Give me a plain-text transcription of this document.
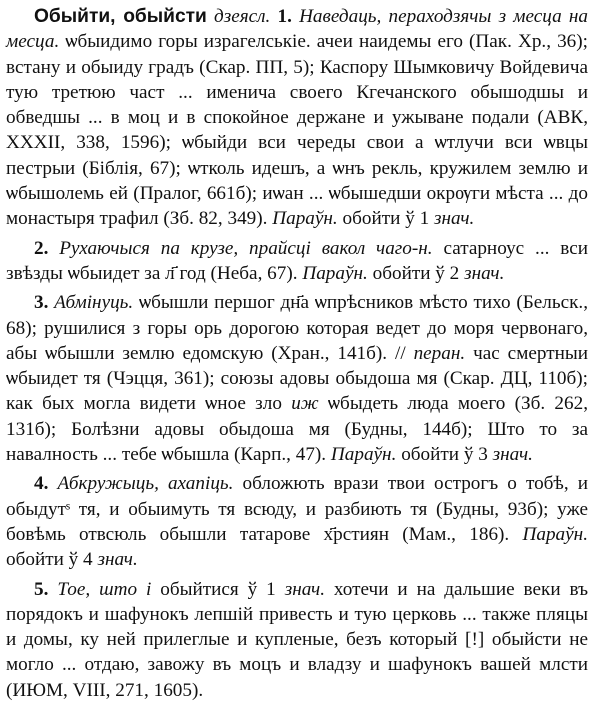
Обыйти, обыйсти дзеясл. 1. Наведаць, пераходзячы з месца на месца. ѡбыидимо горы израгелськіе. ачеи наидемы его (Пак. Хр., 36); встану и обыиду градъ (Скар. ПП, 5); Каспору Шымковичу Войдевича тую третюю част ... именича своего Кгечанского обышодшы и обведшы ... в моц и в спокойное держане и ужыване подали (АВК, XXXII, 338, 1596); ѡбыйди вси череды свои а ѡтлучи вси ѡвцы пестрыи (Біблія, 67); ѡтколь идешъ, а ѡнъ рекль, кружилем землю и ѡбышолемь ей (Пралог, 661б); иѡан ... ѡбышедши окрѹги мѣста ... до монастыря трафил (Зб. 82, 349). Параўн. обойти ў 1 знач.

2. Рухаючыся па крузе, прайсці вакол чаго-н. сатарноус ... вси звѣзды ѡбыидет за л҃ год (Неба, 67). Параўн. обойти ў 2 знач.

3. Абмінуць. ѡбышли першог дн҃а ѡпрѣсников мѣсто тихо (Бельск., 68); рушилися з горы орь дорогою которая ведет до моря червонаго, абы ѡбышли землю едомскую (Хран., 141б). // перан. час смертныи ѡбыидет тя (Чэцця, 361); союзы адовы обыдоша мя (Скар. ДЦ, 110б); как бых могла видети ѡное зло иж ѡбыдеть люда моего (Зб. 262, 131б); Болѣзни адовы обыдоша мя (Будны, 144б); Што то за навалность ... тебе ѡбышла (Карп., 47). Параўн. обойти ў 3 знач.

4. Абкружыць, ахапіць. обложють врази твои острогъ о тобѣ, и обыдутˢ тя, и обыимуть тя всюду, и разбиють тя (Будны, 93б); уже бовѣмь отвсюль обышли татарове х҃рстиян (Мам., 186). Параўн. обойти ў 4 знач.

5. Тое, што і обыйтися ў 1 знач. хотечи и на дальшие веки въ порядокъ и шафунокъ лепшій привесть и тую церковь ... также пляцы и домы, ку ней прилеглые и купленые, безъ который [!] обыйсти не могло ... отдаю, завожу въ моцъ и владзу и шафунокъ вашей млсти (ИЮМ, VIII, 271, 1605).
